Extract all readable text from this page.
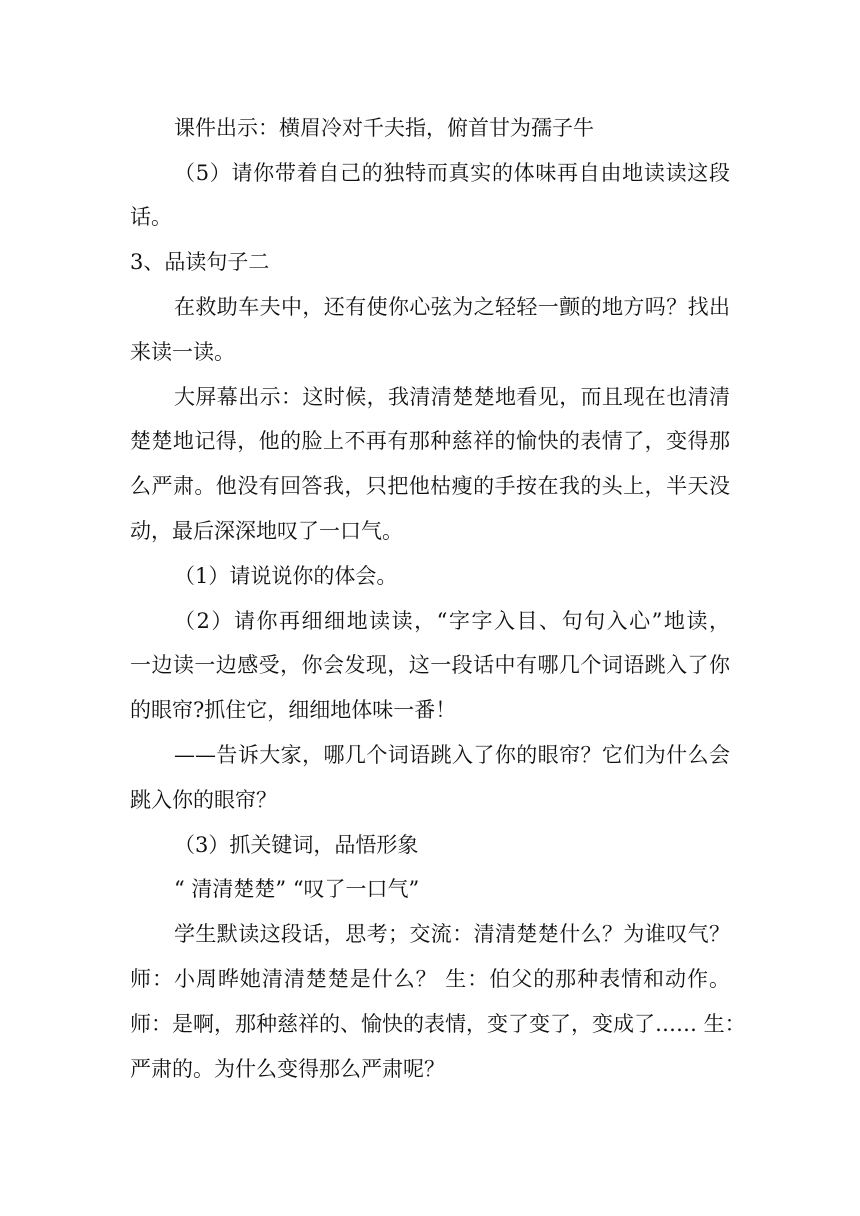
课件出示：横眉冷对千夫指，俯首甘为孺子牛
（5）请你带着自己的独特而真实的体味再自由地读读这段
话。
3、品读句子二
在救助车夫中，还有使你心弦为之轻轻一颤的地方吗？找出
来读一读。
大屏幕出示：这时候，我清清楚楚地看见，而且现在也清清
楚楚地记得，他的脸上不再有那种慈祥的愉快的表情了，变得那
么严肃。他没有回答我，只把他枯瘦的手按在我的头上，半天没
动，最后深深地叹了一口气。
（1）请说说你的体会。
（2）请你再细细地读读，“字字入目、句句入心”地读，
一边读一边感受，你会发现，这一段话中有哪几个词语跳入了你
的眼帘?抓住它，细细地体味一番！
——告诉大家，哪几个词语跳入了你的眼帘？它们为什么会
跳入你的眼帘？
（3）抓关键词，品悟形象
“ 清清楚楚” “叹了一口气”
学生默读这段话，思考；交流：清清楚楚什么？为谁叹气？
师：小周晔她清清楚楚是什么？ 生：伯父的那种表情和动作。
师：是啊，那种慈祥的、愉快的表情，变了变了，变成了…… 生：
严肃的。为什么变得那么严肃呢？
